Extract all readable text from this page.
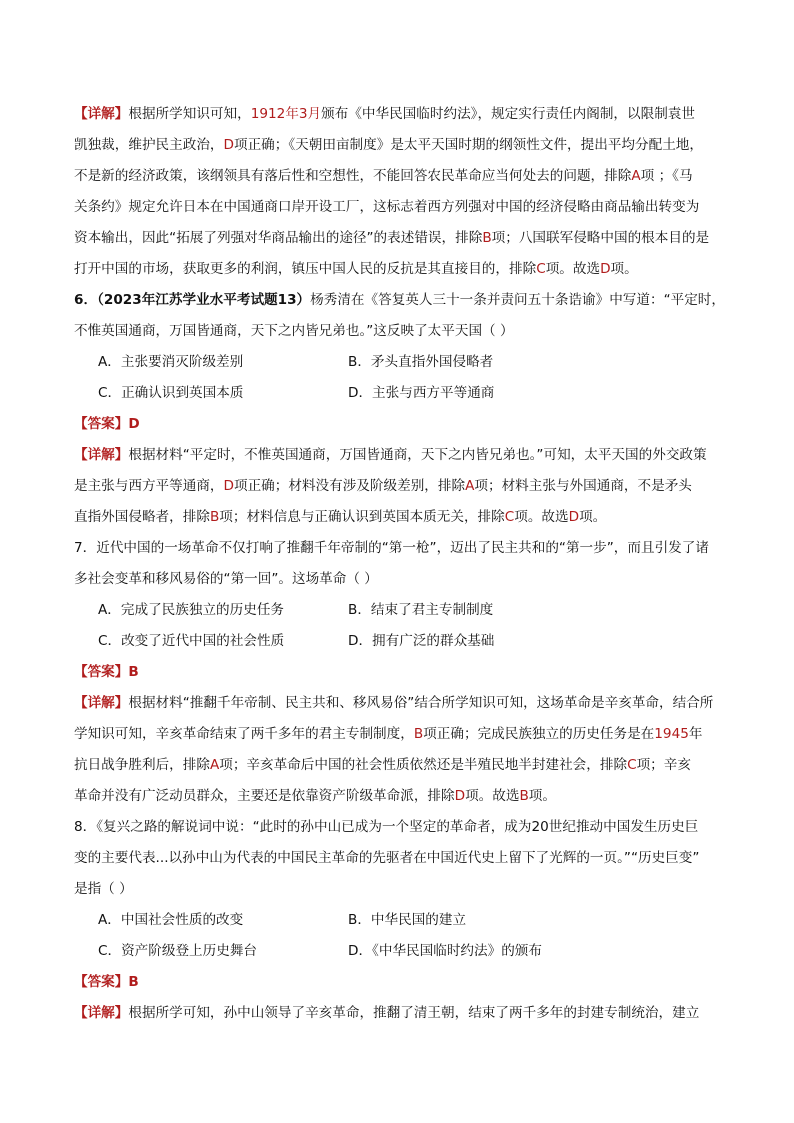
【详解】根据所学知识可知，1912年3月颁布《中华民国临时约法》，规定实行责任内阁制，以限制袁世
凯独裁，维护民主政治，D项正确；《天朝田亩制度》是太平天国时期的纲领性文件，提出平均分配土地，
不是新的经济政策，该纲领具有落后性和空想性，不能回答农民革命应当何处去的问题，排除A项 ；《马
关条约》规定允许日本在中国通商口岸开设工厂，这标志着西方列强对中国的经济侵略由商品输出转变为
资本输出，因此“拓展了列强对华商品输出的途径”的表述错误，排除B项；八国联军侵略中国的根本目的是
打开中国的市场，获取更多的利润，镇压中国人民的反抗是其直接目的，排除C项。故选D项。
6．（2023年江苏学业水平考试题13）杨秀清在《答复英人三十一条并责问五十条诰谕》中写道：“平定时，
不惟英国通商，万国皆通商，天下之内皆兄弟也。”这反映了太平天国（ ）
A．主张要消灭阶级差别	B．矛头直指外国侵略者
C．正确认识到英国本质	D．主张与西方平等通商
【答案】D
【详解】根据材料“平定时，不惟英国通商，万国皆通商，天下之内皆兄弟也。”可知，太平天国的外交政策
是主张与西方平等通商，D项正确；材料没有涉及阶级差别，排除A项；材料主张与外国通商，不是矛头
直指外国侵略者，排除B项；材料信息与正确认识到英国本质无关，排除C项。故选D项。
7．近代中国的一场革命不仅打响了推翻千年帝制的“第一枪”，迈出了民主共和的“第一步”，而且引发了诸
多社会变革和移风易俗的“第一回”。这场革命（ ）
A．完成了民族独立的历史任务	B．结束了君主专制制度
C．改变了近代中国的社会性质	D．拥有广泛的群众基础
【答案】B
【详解】根据材料“推翻千年帝制、民主共和、移风易俗”结合所学知识可知，这场革命是辛亥革命，结合所
学知识可知，辛亥革命结束了两千多年的君主专制制度，B项正确；完成民族独立的历史任务是在1945年
抗日战争胜利后，排除A项；辛亥革命后中国的社会性质依然还是半殖民地半封建社会，排除C项；辛亥
革命并没有广泛动员群众，主要还是依靠资产阶级革命派，排除D项。故选B项。
8．《复兴之路的解说词中说：“此时的孙中山已成为一个坚定的革命者，成为20世纪推动中国发生历史巨
变的主要代表...以孙中山为代表的中国民主革命的先驱者在中国近代史上留下了光辉的一页。”“历史巨变”
是指（ ）
A．中国社会性质的改变	B．中华民国的建立
C．资产阶级登上历史舞台	D．《中华民国临时约法》的颁布
【答案】B
【详解】根据所学可知，孙中山领导了辛亥革命，推翻了清王朝，结束了两千多年的封建专制统治，建立
